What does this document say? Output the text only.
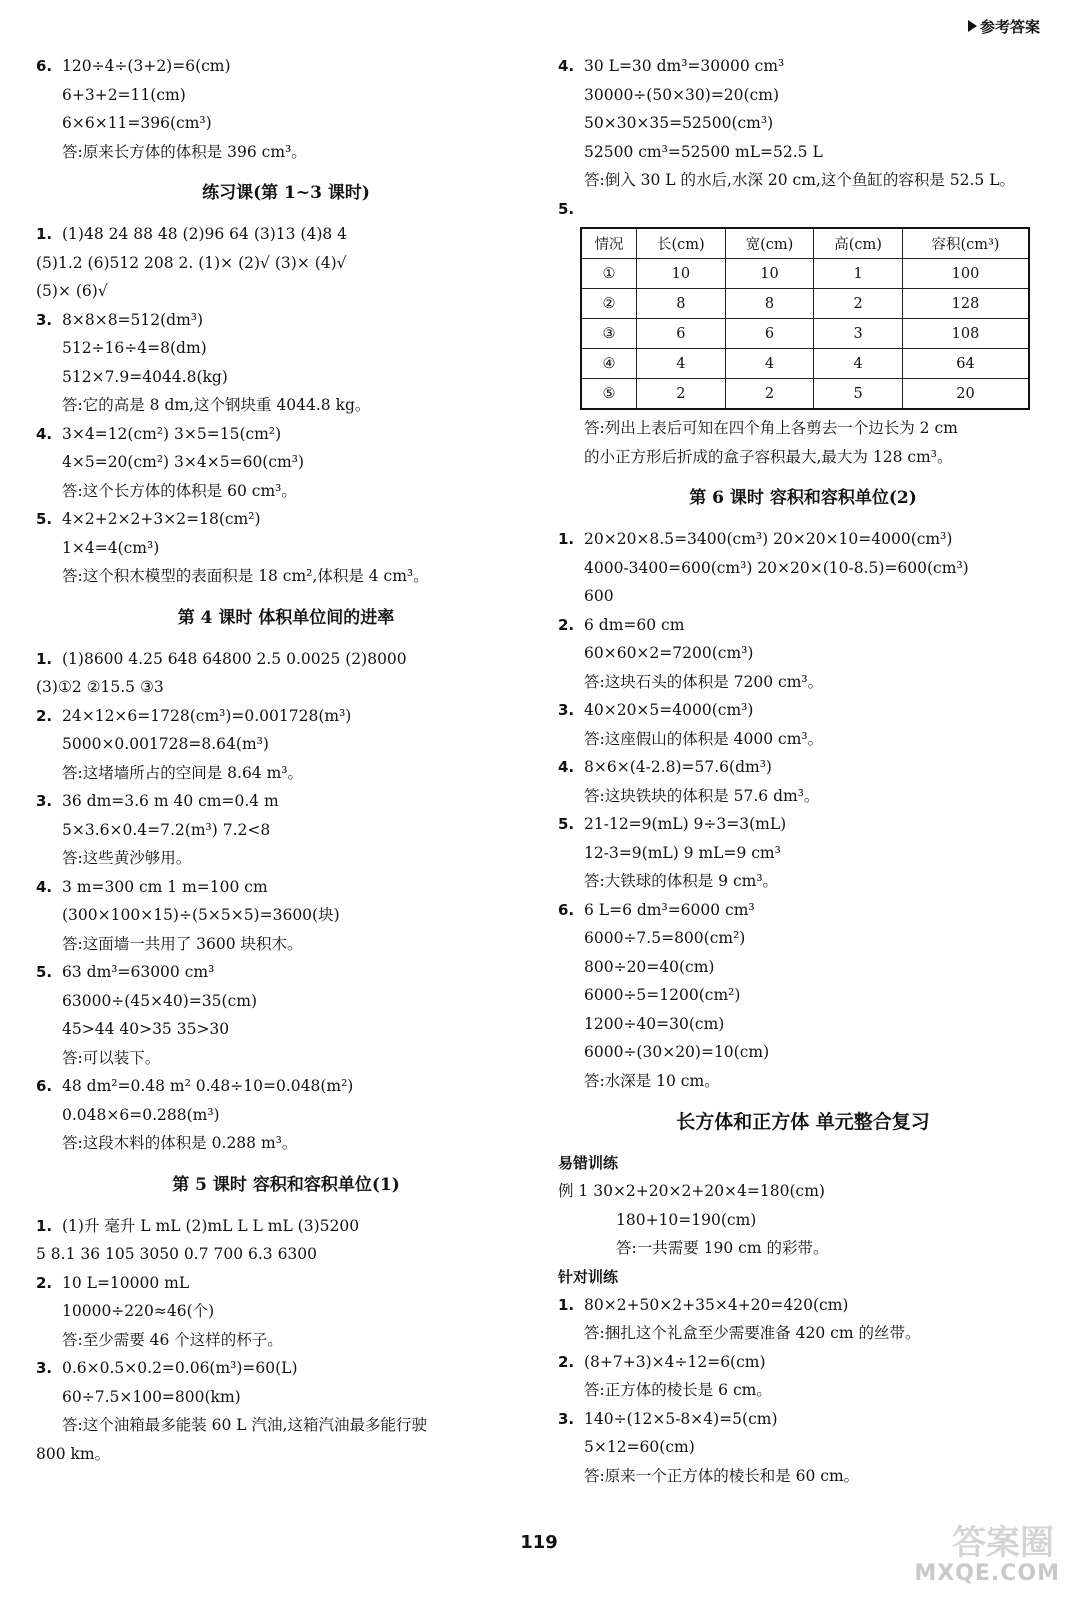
参考答案
6. 120÷4÷(3+2)=6(cm)
6+3+2=11(cm)
6×6×11=396(cm³)
答:原来长方体的体积是 396 cm³。
练习课(第 1~3 课时)
1. (1)48 24 88 48 (2)96 64 (3)13 (4)8 4
(5)1.2 (6)512 208 2. (1)× (2)√ (3)× (4)√
(5)× (6)√
3. 8×8×8=512(dm³)
512÷16÷4=8(dm)
512×7.9=4044.8(kg)
答:它的高是 8 dm,这个钢块重 4044.8 kg。
4. 3×4=12(cm²) 3×5=15(cm²)
4×5=20(cm²) 3×4×5=60(cm³)
答:这个长方体的体积是 60 cm³。
5. 4×2+2×2+3×2=18(cm²)
1×4=4(cm³)
答:这个积木模型的表面积是 18 cm²,体积是 4 cm³。
第 4 课时 体积单位间的进率
1. (1)8600 4.25 648 64800 2.5 0.0025 (2)8000
(3)①2 ②15.5 ③3
2. 24×12×6=1728(cm³)=0.001728(m³)
5000×0.001728=8.64(m³)
答:这堵墙所占的空间是 8.64 m³。
3. 36 dm=3.6 m 40 cm=0.4 m
5×3.6×0.4=7.2(m³) 7.2<8
答:这些黄沙够用。
4. 3 m=300 cm 1 m=100 cm
(300×100×15)÷(5×5×5)=3600(块)
答:这面墙一共用了 3600 块积木。
5. 63 dm³=63000 cm³
63000÷(45×40)=35(cm)
45>44 40>35 35>30
答:可以装下。
6. 48 dm²=0.48 m² 0.48÷10=0.048(m²)
0.048×6=0.288(m³)
答:这段木料的体积是 0.288 m³。
第 5 课时 容积和容积单位(1)
1. (1)升 毫升 L mL (2)mL L L mL (3)5200
5 8.1 36 105 3050 0.7 700 6.3 6300
2. 10 L=10000 mL
10000÷220≈46(个)
答:至少需要 46 个这样的杯子。
3. 0.6×0.5×0.2=0.06(m³)=60(L)
60÷7.5×100=800(km)
答:这个油箱最多能装 60 L 汽油,这箱汽油最多能行驶
800 km。
4. 30 L=30 dm³=30000 cm³
30000÷(50×30)=20(cm)
50×30×35=52500(cm³)
52500 cm³=52500 mL=52.5 L
答:倒入 30 L 的水后,水深 20 cm,这个鱼缸的容积是 52.5 L。
5.
情况	长(cm)	宽(cm)	高(cm)	容积(cm³)
①	10	10	1	100
②	8	8	2	128
③	6	6	3	108
④	4	4	4	64
⑤	2	2	5	20
答:列出上表后可知在四个角上各剪去一个边长为 2 cm
的小正方形后折成的盒子容积最大,最大为 128 cm³。
第 6 课时 容积和容积单位(2)
1. 20×20×8.5=3400(cm³) 20×20×10=4000(cm³)
4000-3400=600(cm³) 20×20×(10-8.5)=600(cm³)
600
2. 6 dm=60 cm
60×60×2=7200(cm³)
答:这块石头的体积是 7200 cm³。
3. 40×20×5=4000(cm³)
答:这座假山的体积是 4000 cm³。
4. 8×6×(4-2.8)=57.6(dm³)
答:这块铁块的体积是 57.6 dm³。
5. 21-12=9(mL) 9÷3=3(mL)
12-3=9(mL) 9 mL=9 cm³
答:大铁球的体积是 9 cm³。
6. 6 L=6 dm³=6000 cm³
6000÷7.5=800(cm²)
800÷20=40(cm)
6000÷5=1200(cm²)
1200÷40=30(cm)
6000÷(30×20)=10(cm)
答:水深是 10 cm。
长方体和正方体 单元整合复习
易错训练
例 1 30×2+20×2+20×4=180(cm)
180+10=190(cm)
答:一共需要 190 cm 的彩带。
针对训练
1. 80×2+50×2+35×4+20=420(cm)
答:捆扎这个礼盒至少需要准备 420 cm 的丝带。
2. (8+7+3)×4÷12=6(cm)
答:正方体的棱长是 6 cm。
3. 140÷(12×5-8×4)=5(cm)
5×12=60(cm)
答:原来一个正方体的棱长和是 60 cm。
119	答案圈
MXQE.COM
